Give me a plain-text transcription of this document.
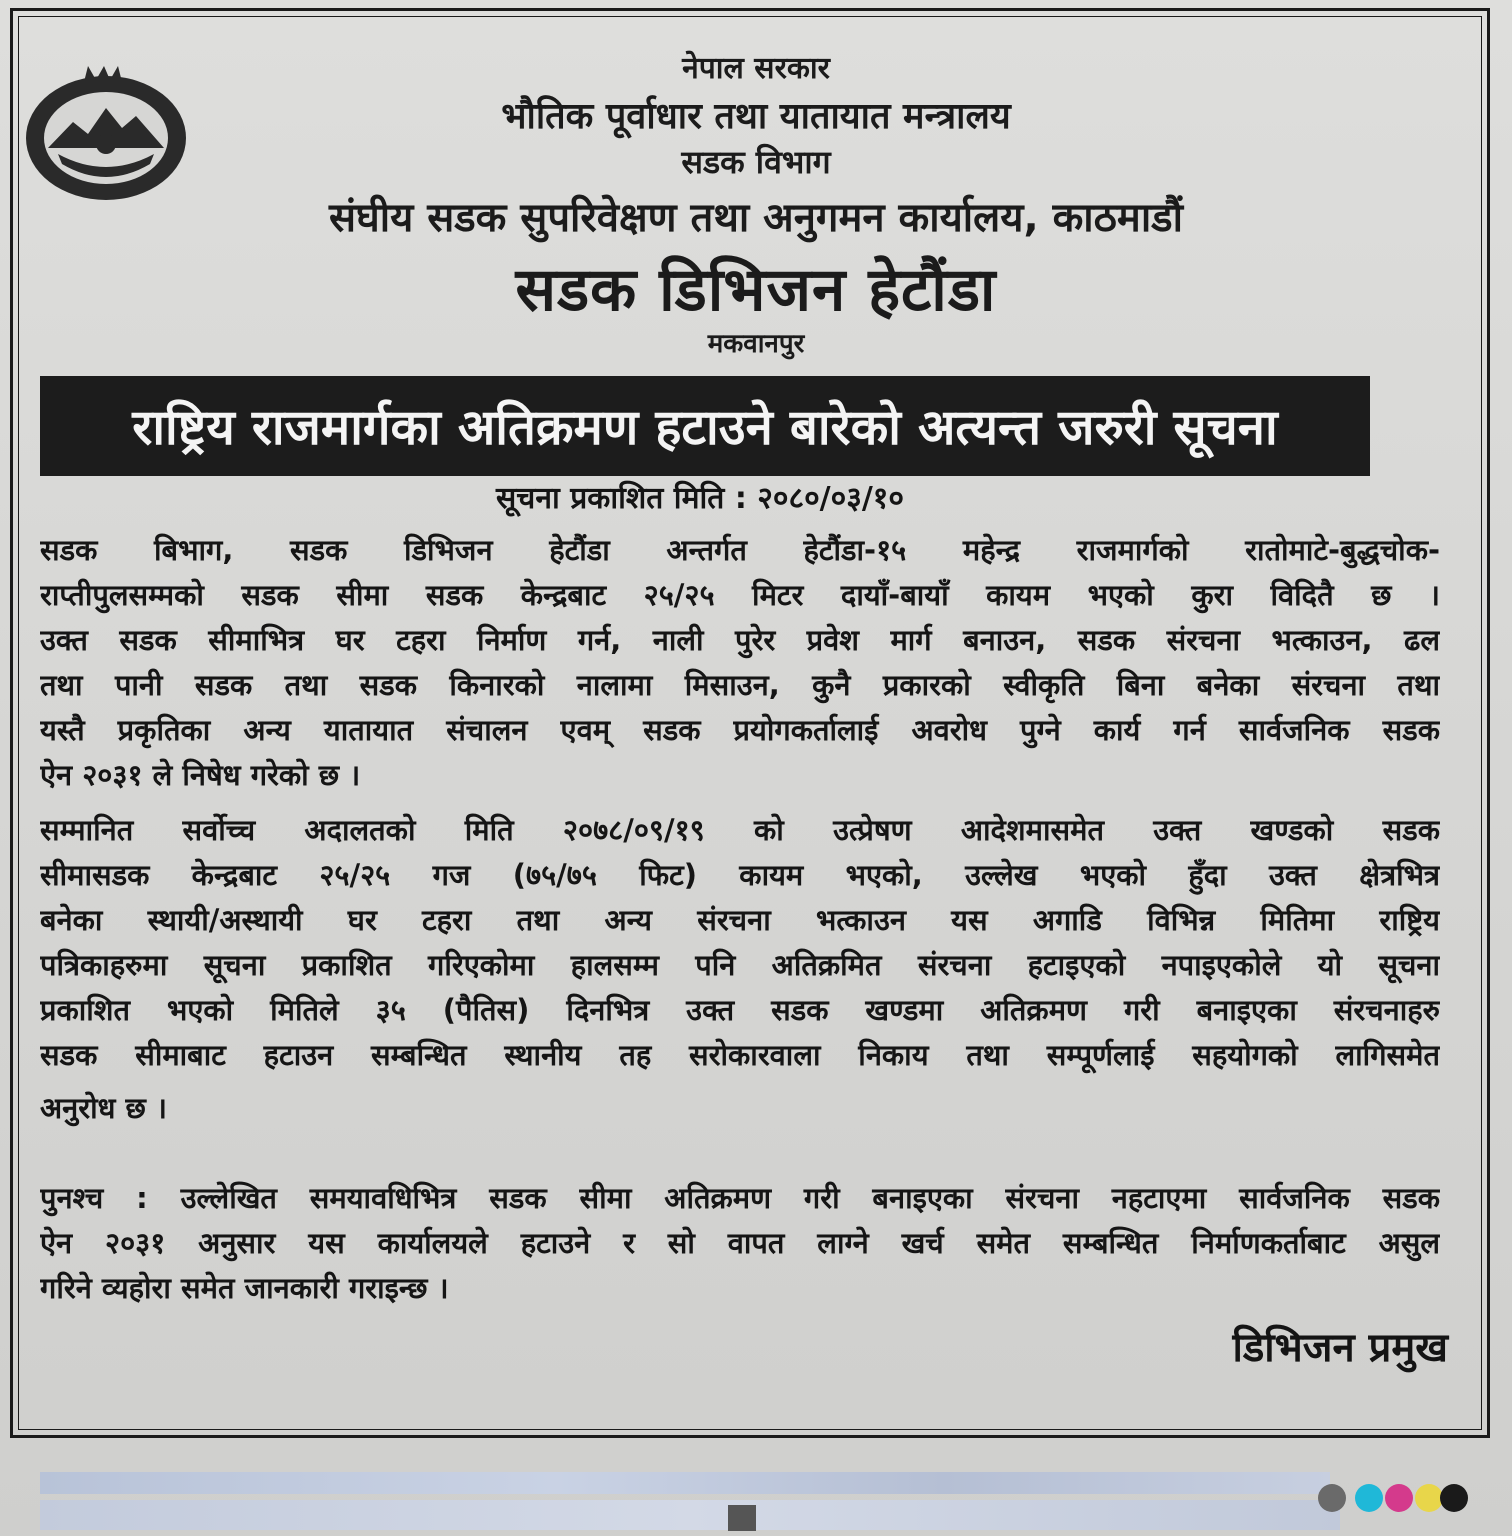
नेपाल सरकार
भौतिक पूर्वाधार तथा यातायात मन्त्रालय
सडक विभाग
संघीय सडक सुपरिवेक्षण तथा अनुगमन कार्यालय, काठमाडौं
सडक डिभिजन हेटौंडा
मकवानपुर
राष्ट्रिय राजमार्गका अतिक्रमण हटाउने बारेको अत्यन्त जरुरी सूचना
सूचना प्रकाशित मिति : २०८०/०३/१०
सडक बिभाग, सडक डिभिजन हेटौंडा अन्तर्गत हेटौंडा-१५ महेन्द्र राजमार्गको रातोमाटे-बुद्धचोक-
राप्तीपुलसम्मको सडक सीमा सडक केन्द्रबाट २५/२५ मिटर दायाँ-बायाँ कायम भएको कुरा विदितै छ ।
उक्त सडक सीमाभित्र घर टहरा निर्माण गर्न, नाली पुरेर प्रवेश मार्ग बनाउन, सडक संरचना भत्काउन, ढल
तथा पानी सडक तथा सडक किनारको नालामा मिसाउन, कुनै प्रकारको स्वीकृति बिना बनेका संरचना तथा
यस्तै प्रकृतिका अन्य यातायात संचालन एवम् सडक प्रयोगकर्तालाई अवरोध पुग्ने कार्य गर्न सार्वजनिक सडक
ऐन २०३१ ले निषेध गरेको छ ।
सम्मानित सर्वोच्च अदालतको मिति २०७८/०९/१९ को उत्प्रेषण आदेशमासमेत उक्त खण्डको सडक
सीमासडक केन्द्रबाट २५/२५ गज (७५/७५ फिट) कायम भएको, उल्लेख भएको हुँदा उक्त क्षेत्रभित्र
बनेका स्थायी/अस्थायी घर टहरा तथा अन्य संरचना भत्काउन यस अगाडि विभिन्न मितिमा राष्ट्रिय
पत्रिकाहरुमा सूचना प्रकाशित गरिएकोमा हालसम्म पनि अतिक्रमित संरचना हटाइएको नपाइएकोले यो सूचना
प्रकाशित भएको मितिले ३५ (पैतिस) दिनभित्र उक्त सडक खण्डमा अतिक्रमण गरी बनाइएका संरचनाहरु
सडक सीमाबाट हटाउन सम्बन्धित स्थानीय तह सरोकारवाला निकाय तथा सम्पूर्णलाई सहयोगको लागिसमेत
अनुरोध छ ।
पुनश्च : उल्लेखित समयावधिभित्र सडक सीमा अतिक्रमण गरी बनाइएका संरचना नहटाएमा सार्वजनिक सडक
ऐन २०३१ अनुसार यस कार्यालयले हटाउने र सो वापत लाग्ने खर्च समेत सम्बन्धित निर्माणकर्ताबाट असुल
गरिने व्यहोरा समेत जानकारी गराइन्छ ।
डिभिजन प्रमुख
